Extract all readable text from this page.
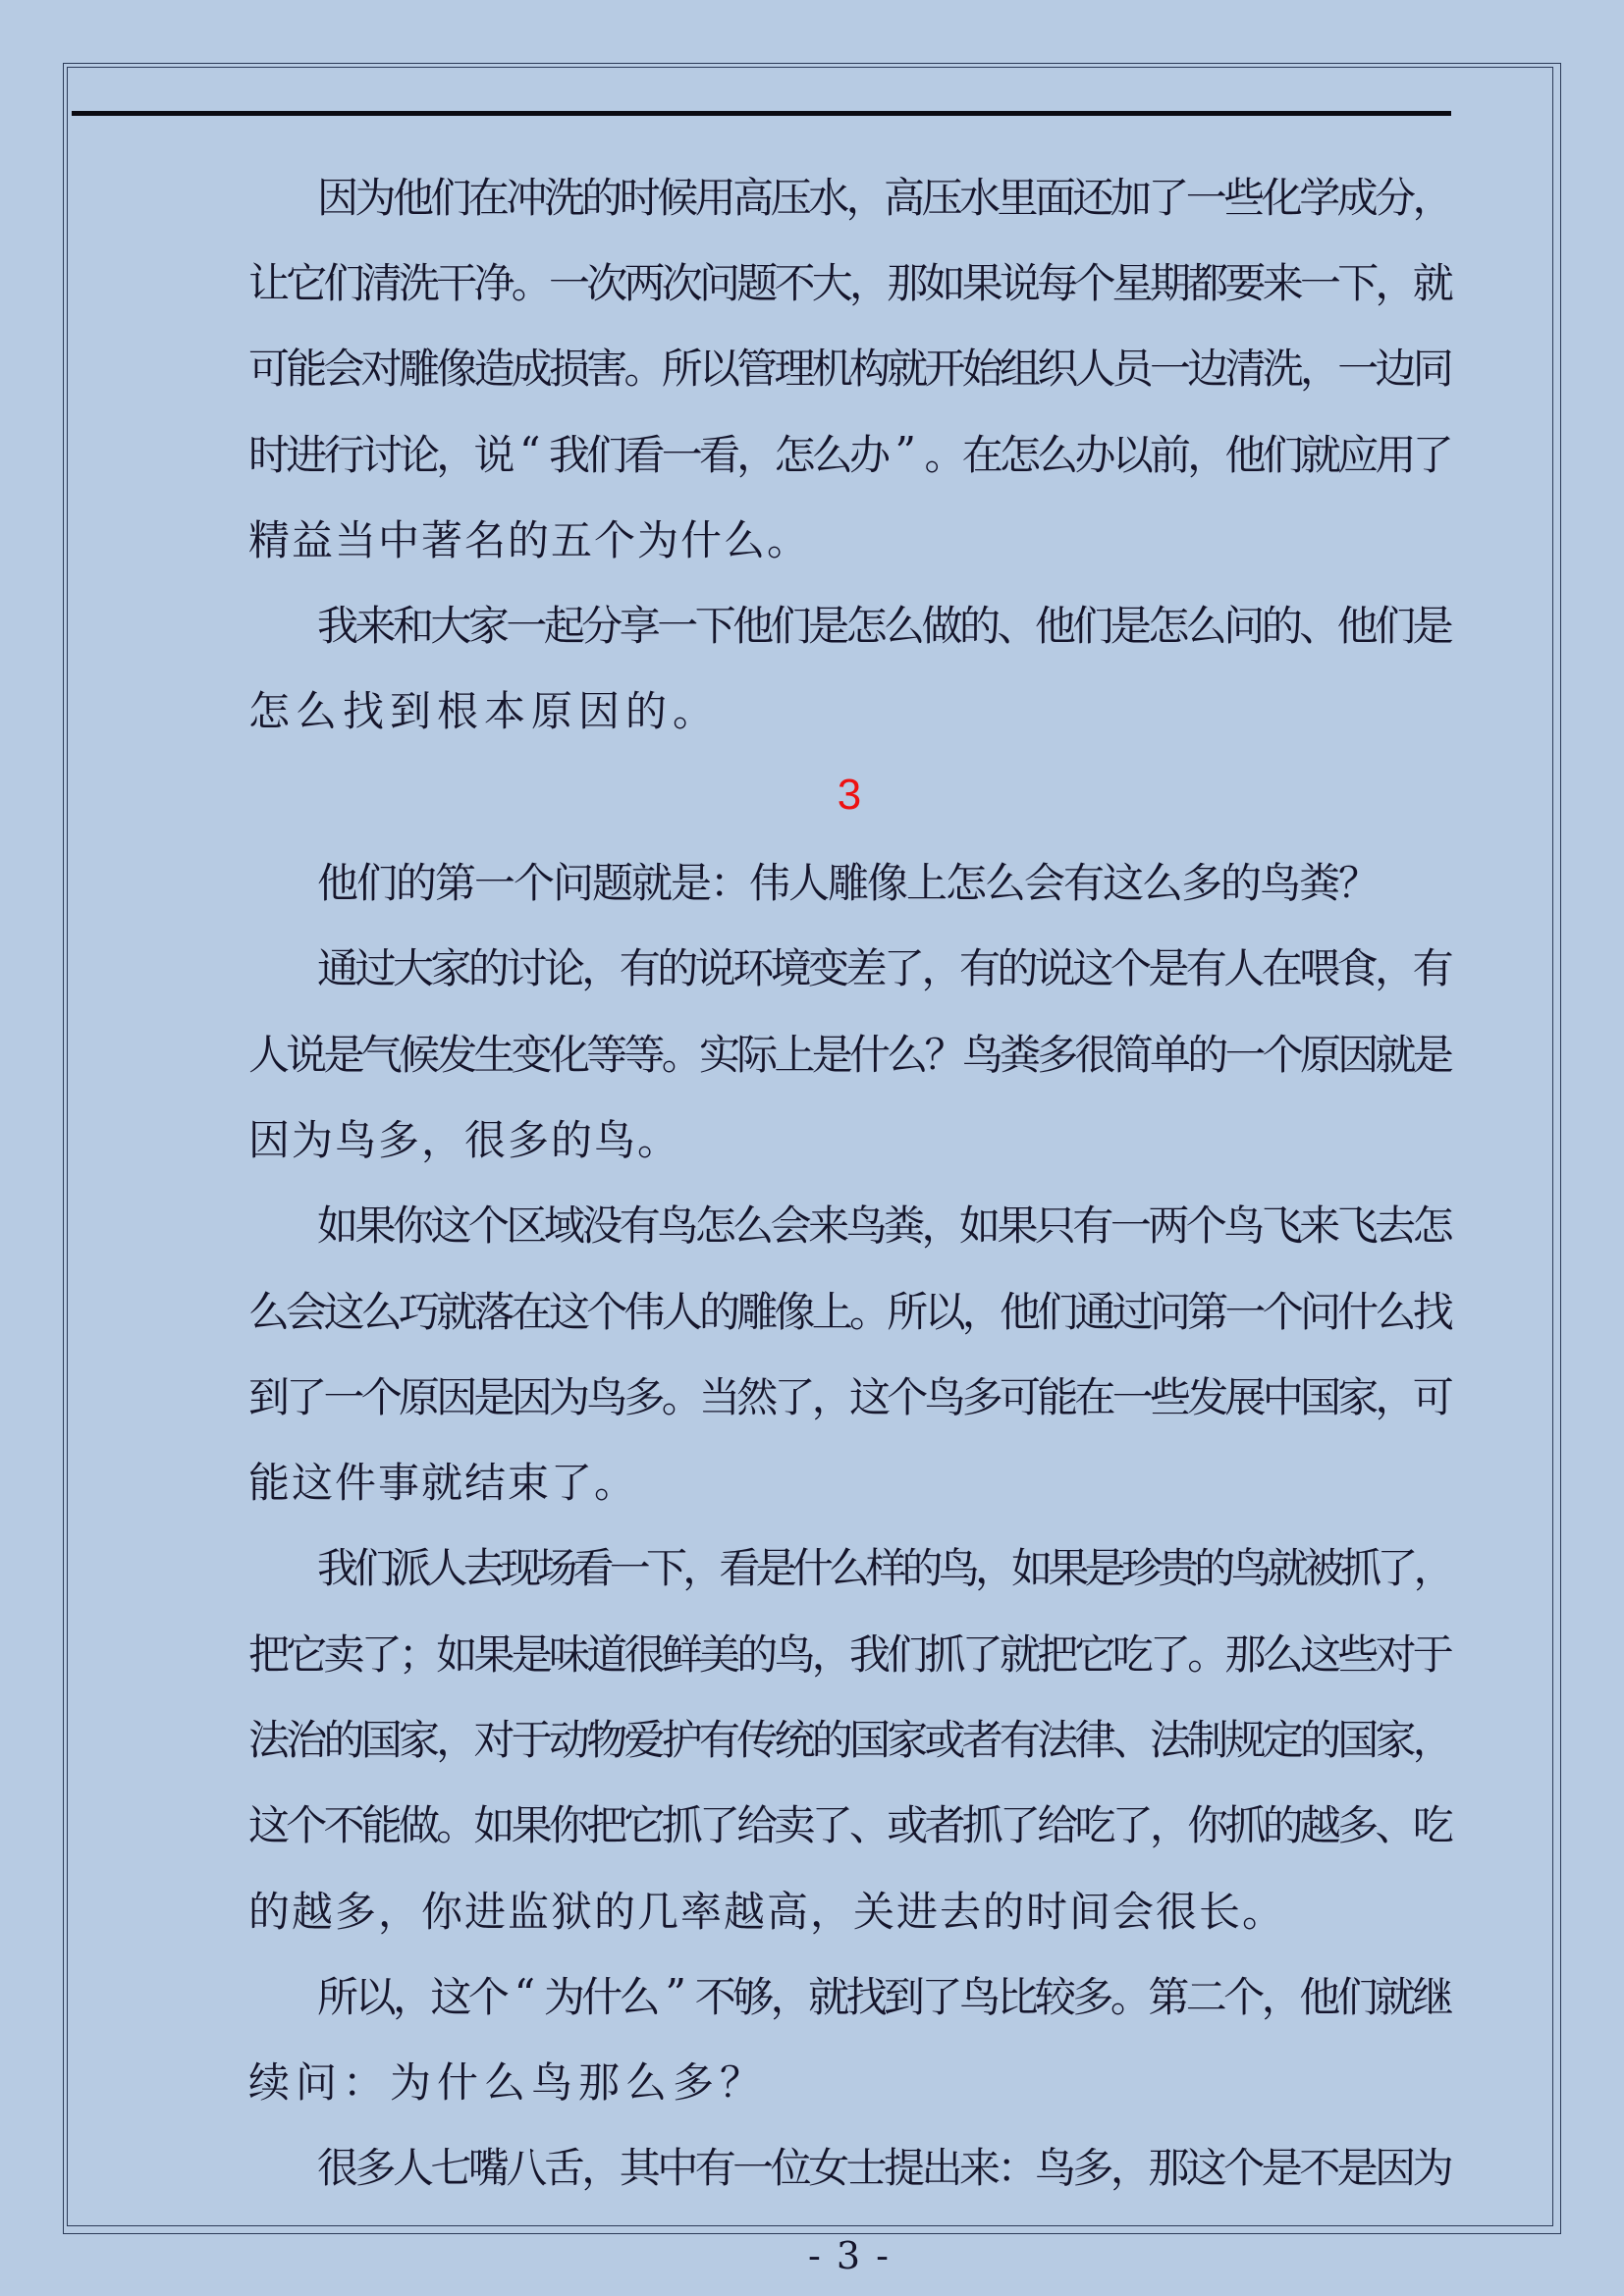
因
为
他
们
在
冲
洗
的
时
候
用
高
压
水
，
高
压
水
里
面
还
加
了
一
些
化
学
成
分
，
让
它
们
清
洗
干
净
。
一
次
两
次
问
题
不
大
，
那
如
果
说
每
个
星
期
都
要
来
一
下
，
就
可
能
会
对
雕
像
造
成
损
害
。
所
以
管
理
机
构
就
开
始
组
织
人
员
一
边
清
洗
，
一
边
同
时
进
行
讨
论
，
说 “ 我
们
看
一
看
，
怎
么
办 ” 。
在
怎
么
办
以
前
，
他
们
就
应
用
了
精益当中著名的五个为什么。
我
来
和
大
家
一
起
分
享
一
下
他
们
是
怎
么
做
的
、
他
们
是
怎
么
问
的
、
他
们
是
怎么找到根本原因的。
3
他们的第一个问题就是：伟人雕像上怎么会有这么多的鸟粪？
通
过
大
家
的
讨
论
，
有
的
说
环
境
变
差
了
，
有
的
说
这
个
是
有
人
在
喂
食
，
有
人
说
是
气
候
发
生
变
化
等
等
。
实
际
上
是
什
么
？
鸟
粪
多
很
简
单
的
一
个
原
因
就
是
因为鸟多，很多的鸟。
如
果
你
这
个
区
域
没
有
鸟
怎
么
会
来
鸟
粪
，
如
果
只
有
一
两
个
鸟
飞
来
飞
去
怎
么
会
这
么
巧
就
落
在
这
个
伟
人
的
雕
像
上
。
所
以
，
他
们
通
过
问
第
一
个
问
什
么
找
到
了
一
个
原
因
是
因
为
鸟
多
。
当
然
了
，
这
个
鸟
多
可
能
在
一
些
发
展
中
国
家
，
可
能这件事就结束了。
我
们
派
人
去
现
场
看
一
下
，
看
是
什
么
样
的
鸟
，
如
果
是
珍
贵
的
鸟
就
被
抓
了
，
把
它
卖
了
；
如
果
是
味
道
很
鲜
美
的
鸟
，
我
们
抓
了
就
把
它
吃
了
。
那
么
这
些
对
于
法
治
的
国
家
，
对
于
动
物
爱
护
有
传
统
的
国
家
或
者
有
法
律
、
法
制
规
定
的
国
家
，
这
个
不
能
做
。
如
果
你
把
它
抓
了
给
卖
了
、
或
者
抓
了
给
吃
了
，
你
抓
的
越
多
、
吃
的越多，你进监狱的几率越高，关进去的时间会很长。
所
以
，
这
个 “ 为
什
么 ” 不
够
，
就
找
到
了
鸟
比
较
多
。
第
二
个
，
他
们
就
继
续问：为什么鸟那么多？
很
多
人
七
嘴
八
舌
，
其
中
有
一
位
女
士
提
出
来
：
鸟
多
，
那
这
个
是
不
是
因
为
- 3 -
